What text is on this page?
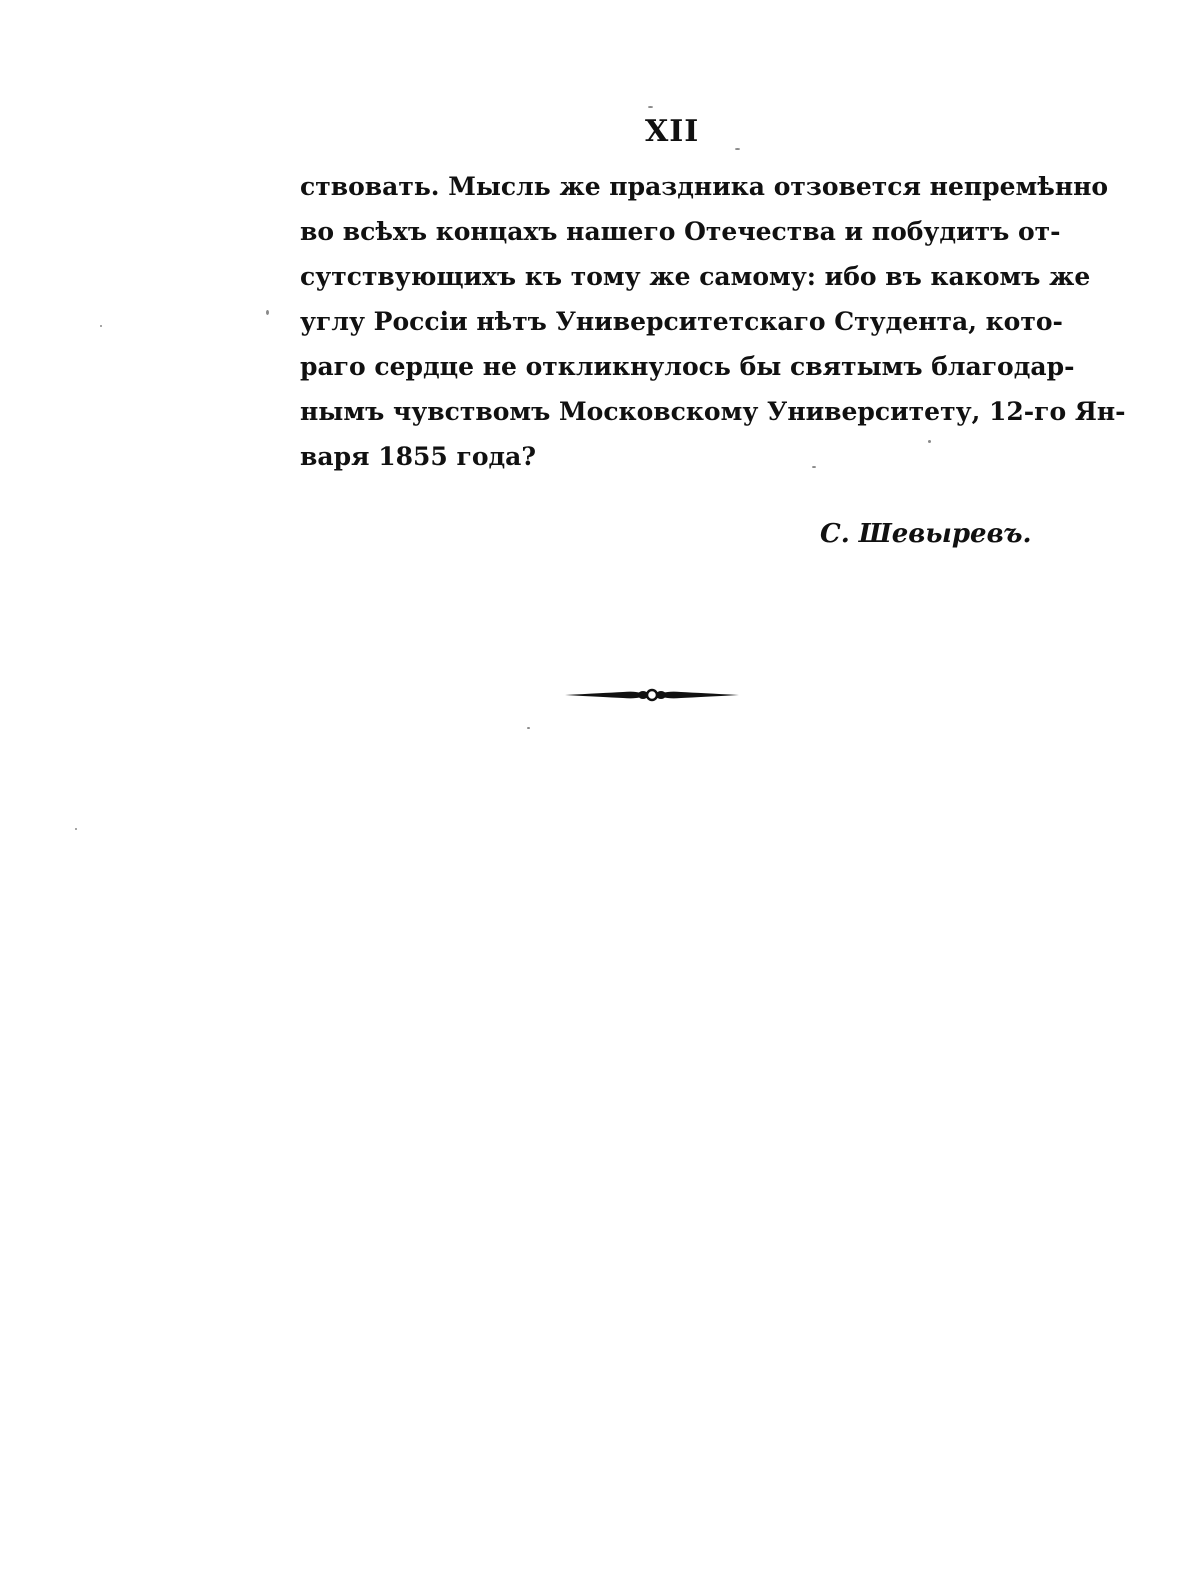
XII
ствовать. Мысль же праздника отзовется непремѣнно
во всѣхъ концахъ нашего Отечества и побудитъ от-
сутствующихъ къ тому же самому: ибо въ какомъ же
углу Россіи нѣтъ Университетскаго Студента, кото-
раго сердце не откликнулось бы святымъ благодар-
нымъ чувствомъ Московскому Университету, 12-го Ян-
варя 1855 года?
С. Шевыревъ.
